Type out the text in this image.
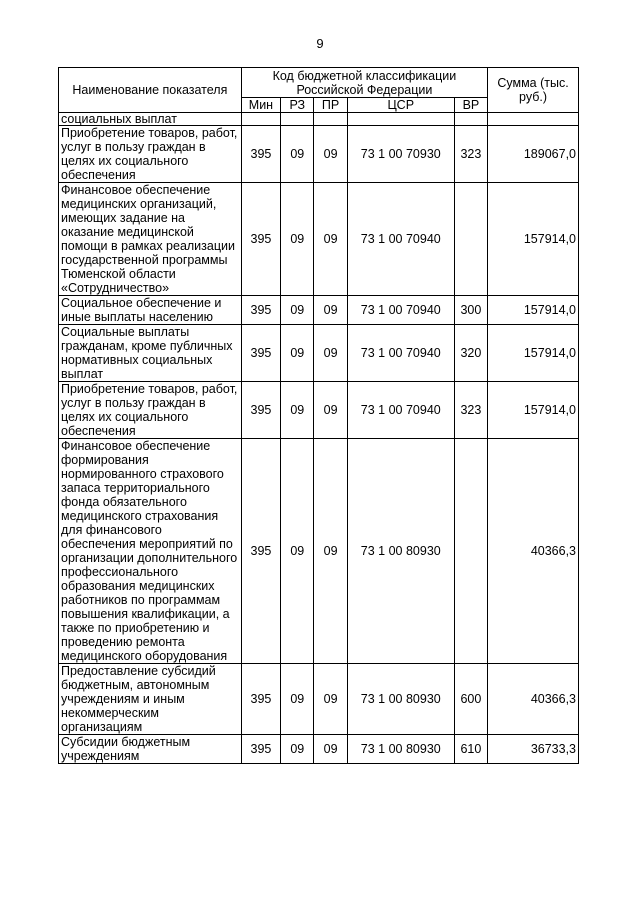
9
Наименование показателя	Код бюджетной классификации Российской Федерации					Сумма (тыс. руб.)
	Мин	РЗ	ПР	ЦСР	ВР	
социальных выплат						
Приобретение товаров, работ, услуг в пользу граждан в целях их социального обеспечения	395	09	09	73 1 00 70930	323	189067,0
Финансовое обеспечение медицинских организаций, имеющих задание на оказание медицинской помощи в рамках реализации государственной программы Тюменской области «Сотрудничество»	395	09	09	73 1 00 70940		157914,0
Социальное обеспечение и иные выплаты населению	395	09	09	73 1 00 70940	300	157914,0
Социальные выплаты гражданам, кроме публичных нормативных социальных выплат	395	09	09	73 1 00 70940	320	157914,0
Приобретение товаров, работ, услуг в пользу граждан в целях их социального обеспечения	395	09	09	73 1 00 70940	323	157914,0
Финансовое обеспечение формирования нормированного страхового запаса территориального фонда обязательного медицинского страхования для финансового обеспечения мероприятий по организации дополнительного профессионального образования медицинских работников по программам повышения квалификации, а также по приобретению и проведению ремонта медицинского оборудования	395	09	09	73 1 00 80930		40366,3
Предоставление субсидий бюджетным, автономным учреждениям и иным некоммерческим организациям	395	09	09	73 1 00 80930	600	40366,3
Субсидии бюджетным учреждениям	395	09	09	73 1 00 80930	610	36733,3
